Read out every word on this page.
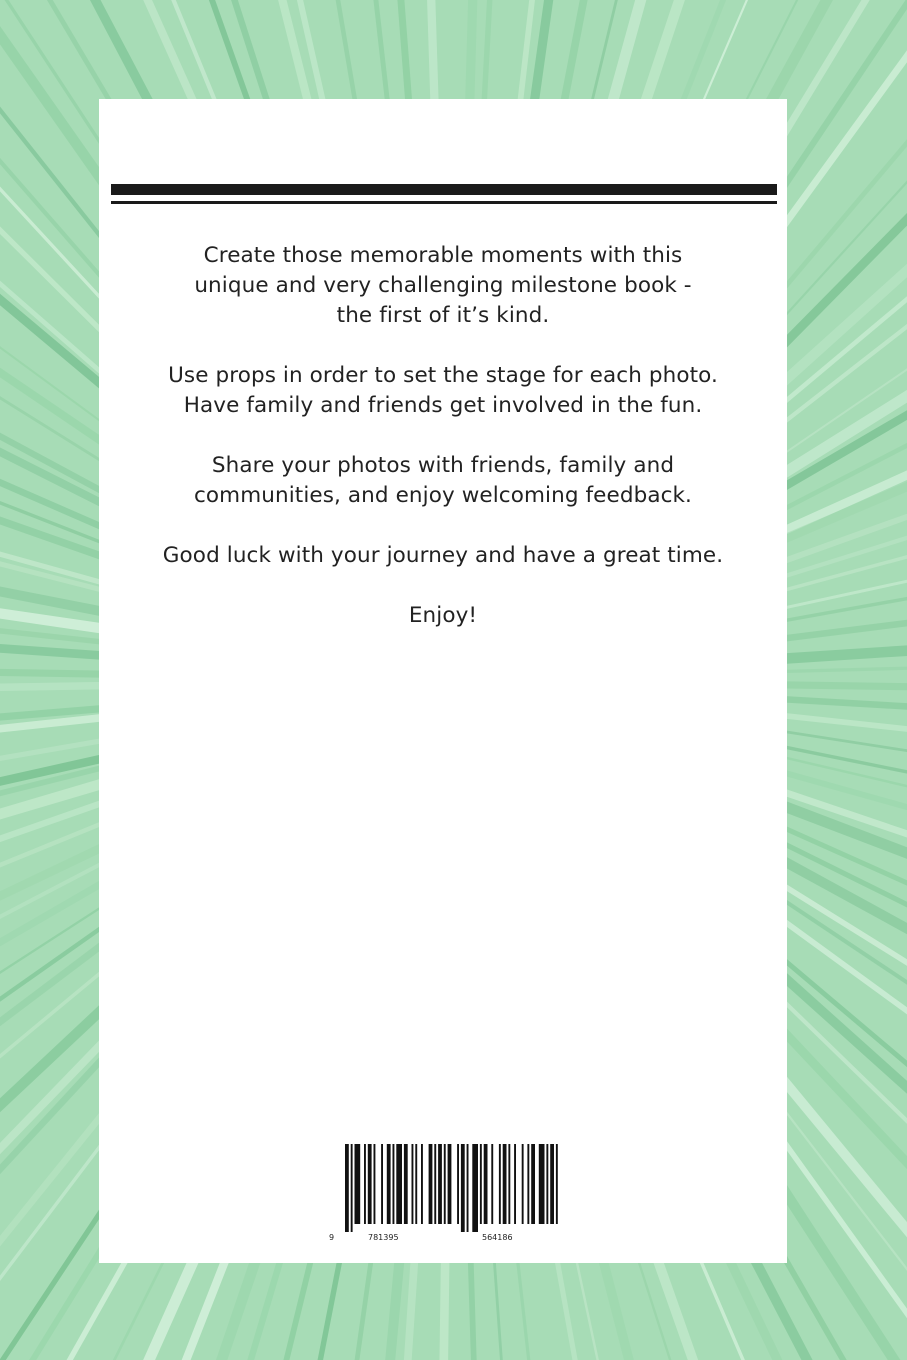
Create those memorable moments with this unique and very challenging milestone book - the first of it’s kind.

Use props in order to set the stage for each photo. Have family and friends get involved in the fun.

Share your photos with friends, family and communities, and enjoy welcoming feedback.

Good luck with your journey and have a great time.

Enjoy!

9	781395	564186
